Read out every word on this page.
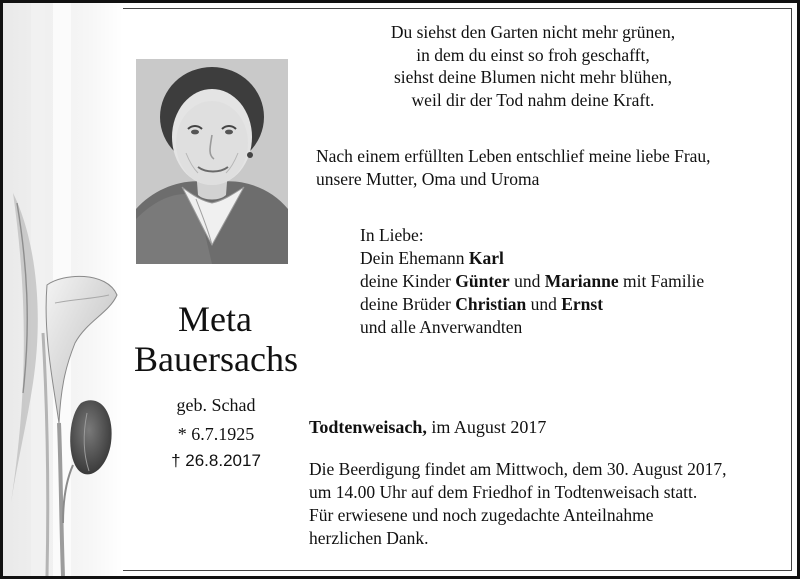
Du siehst den Garten nicht mehr grünen,
in dem du einst so froh geschafft,
siehst deine Blumen nicht mehr blühen,
weil dir der Tod nahm deine Kraft.
Nach einem erfüllten Leben entschlief meine liebe Frau,
unsere Mutter, Oma und Uroma
In Liebe:
Dein Ehemann Karl
deine Kinder Günter und Marianne mit Familie
deine Brüder Christian und Ernst
und alle Anverwandten
Meta
Bauersachs
geb. Schad
* 6.7.1925
† 26.8.2017
Todtenweisach, im August 2017
Die Beerdigung findet am Mittwoch, dem 30. August 2017,
um 14.00 Uhr auf dem Friedhof in Todtenweisach statt.
Für erwiesene und noch zugedachte Anteilnahme
herzlichen Dank.
